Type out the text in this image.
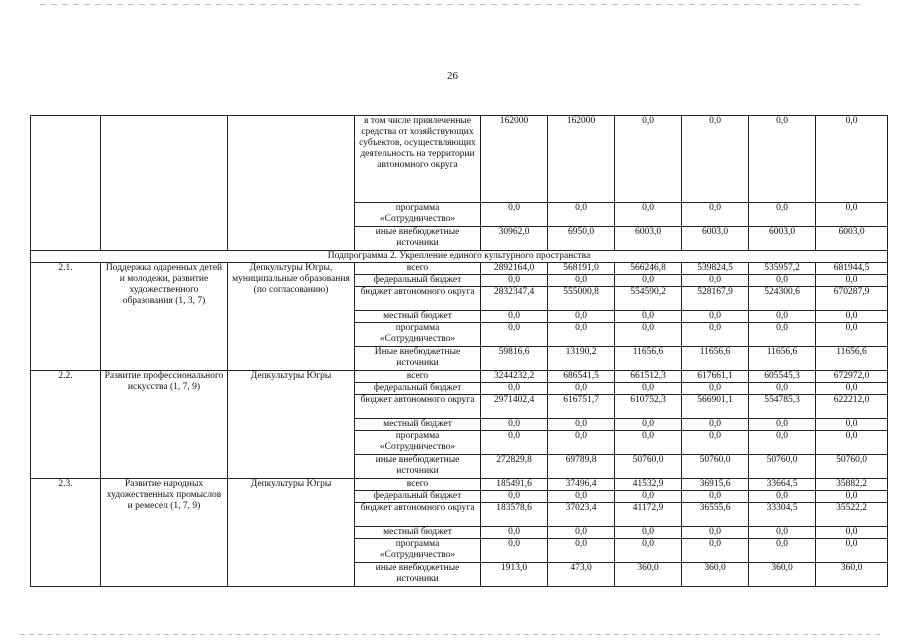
26
			в том числе привлеченные средства от хозяйствующих субъектов, осуществляющих деятельность на территории автономного округа	162000	162000	0,0	0,0	0,0	0,0
			программа «Сотрудничество»	0,0	0,0	0,0	0,0	0,0	0,0
			иные внебюджетные источники	30962,0	6950,0	6003,0	6003,0	6003,0	6003,0
Подпрограмма 2. Укрепление единого культурного пространства									
2.1.	Поддержка одаренных детей и молодежи, развитие художественного образования (1, 3, 7)	Депкультуры Югры, муниципальные образования (по согласованию)	всего	2892164,0	568191,0	566246,8	539824,5	535957,2	681944,5
			федеральный бюджет	0,0	0,0	0,0	0,0	0,0	0,0
			бюджет автономного округа	2832347,4	555000,8	554590,2	528167,9	524300,6	670287,9
			местный бюджет	0,0	0,0	0,0	0,0	0,0	0,0
			программа «Сотрудничество»	0,0	0,0	0,0	0,0	0,0	0,0
			Иные внебюджетные источники	59816,6	13190,2	11656,6	11656,6	11656,6	11656,6
2.2.	Развитие профессионального искусства (1, 7, 9)	Депкультуры Югры	всего	3244232,2	686541,5	661512,3	617661,1	605545,3	672972,0
			федеральный бюджет	0,0	0,0	0,0	0,0	0,0	0,0
			бюджет автономного округа	2971402,4	616751,7	610752,3	566901,1	554785,3	622212,0
			местный бюджет	0,0	0,0	0,0	0,0	0,0	0,0
			программа «Сотрудничество»	0,0	0,0	0,0	0,0	0,0	0,0
			иные внебюджетные источники	272829,8	69789,8	50760,0	50760,0	50760,0	50760,0
2.3.	Развитие народных художественных промыслов и ремесел (1, 7, 9)	Депкультуры Югры	всего	185491,6	37496,4	41532,9	36915,6	33664,5	35882,2
			федеральный бюджет	0,0	0,0	0,0	0,0	0,0	0,0
			бюджет автономного округа	183578,6	37023,4	41172,9	36555,6	33304,5	35522,2
			местный бюджет	0,0	0,0	0,0	0,0	0,0	0,0
			программа «Сотрудничество»	0,0	0,0	0,0	0,0	0,0	0,0
			иные внебюджетные источники	1913,0	473,0	360,0	360,0	360,0	360,0
